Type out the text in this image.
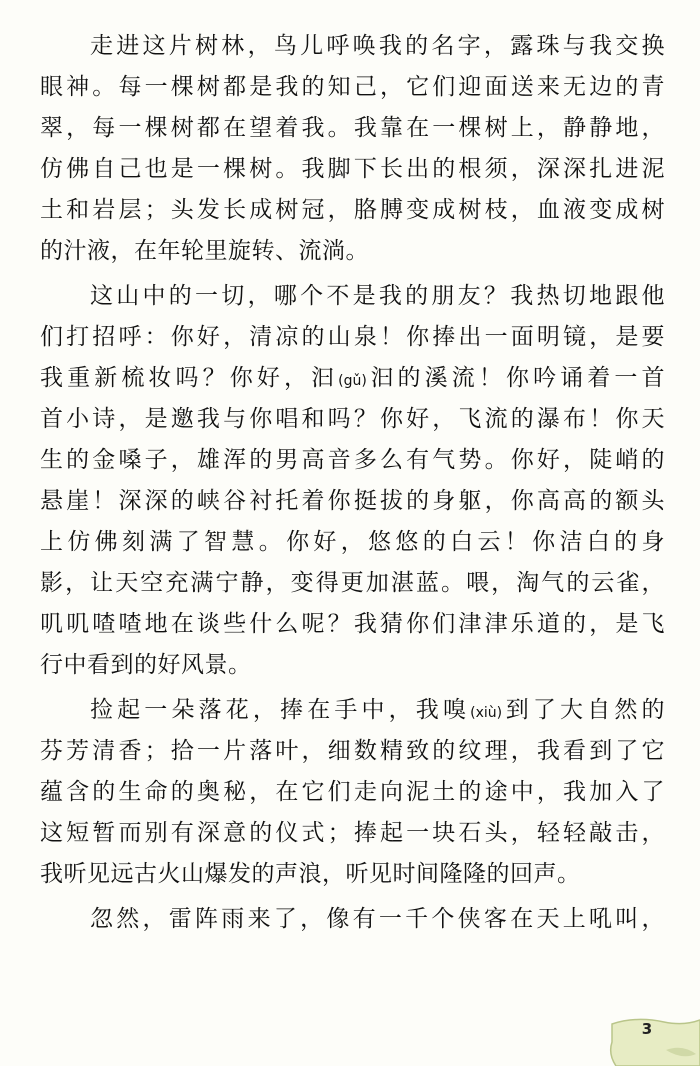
走进这片树林，鸟儿呼唤我的名字，露珠与我交换
眼神。每一棵树都是我的知己，它们迎面送来无边的青
翠，每一棵树都在望着我。我靠在一棵树上，静静地，
仿佛自己也是一棵树。我脚下长出的根须，深深扎进泥
土和岩层；头发长成树冠，胳膊变成树枝，血液变成树
的汁液，在年轮里旋转、流淌。
这山中的一切，哪个不是我的朋友？我热切地跟他
们打招呼：你好，清凉的山泉！你捧出一面明镜，是要
我重新梳妆吗？你好，汩(gǔ)汩的溪流！你吟诵着一首
首小诗，是邀我与你唱和吗？你好，飞流的瀑布！你天
生的金嗓子，雄浑的男高音多么有气势。你好，陡峭的
悬崖！深深的峡谷衬托着你挺拔的身躯，你高高的额头
上仿佛刻满了智慧。你好，悠悠的白云！你洁白的身
影，让天空充满宁静，变得更加湛蓝。喂，淘气的云雀，
叽叽喳喳地在谈些什么呢？我猜你们津津乐道的，是飞
行中看到的好风景。
捡起一朵落花，捧在手中，我嗅(xiù)到了大自然的
芬芳清香；拾一片落叶，细数精致的纹理，我看到了它
蕴含的生命的奥秘，在它们走向泥土的途中，我加入了
这短暂而别有深意的仪式；捧起一块石头，轻轻敲击，
我听见远古火山爆发的声浪，听见时间隆隆的回声。
忽然，雷阵雨来了，像有一千个侠客在天上吼叫，
3
